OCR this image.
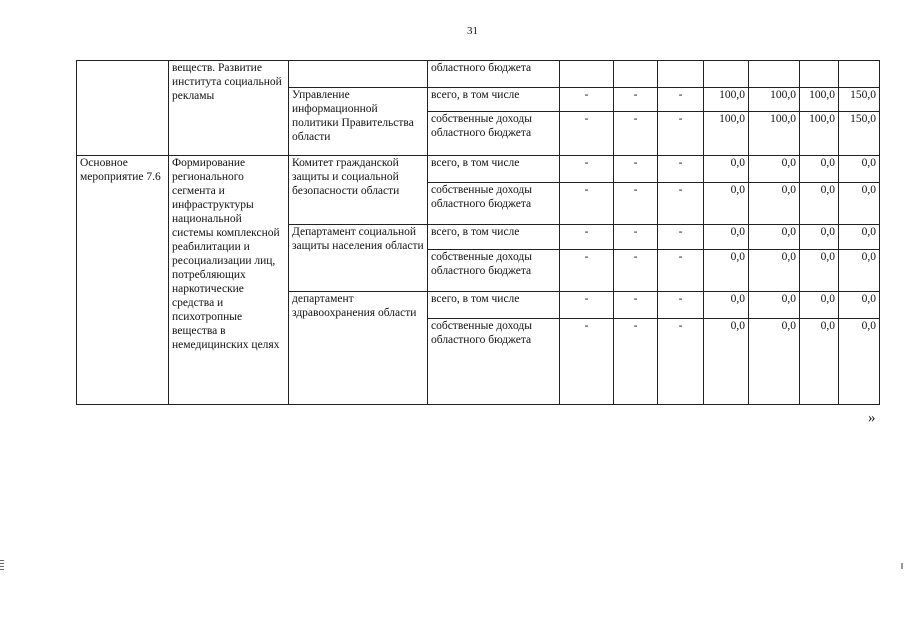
31
	веществ. Развитие института социальной рекламы		областного бюджета							
		Управление информационной политики Правительства области	всего, в том числе	-	-	-	100,0	100,0	100,0	150,0
			собственные доходы областного бюджета	-	-	-	100,0	100,0	100,0	150,0
Основное мероприятие 7.6	Формирование регионального сегмента и инфраструктуры национальной системы комплексной реабилитации и ресоциализации лиц, потребляющих наркотические средства и психотропные вещества в немедицинских целях	Комитет гражданской защиты и социальной безопасности области	всего, в том числе	-	-	-	0,0	0,0	0,0	0,0
			собственные доходы областного бюджета	-	-	-	0,0	0,0	0,0	0,0
		Департамент социальной защиты населения области	всего, в том числе	-	-	-	0,0	0,0	0,0	0,0
			собственные доходы областного бюджета	-	-	-	0,0	0,0	0,0	0,0
		департамент здравоохранения области	всего, в том числе	-	-	-	0,0	0,0	0,0	0,0
			собственные доходы областного бюджета	-	-	-	0,0	0,0	0,0	0,0
»
